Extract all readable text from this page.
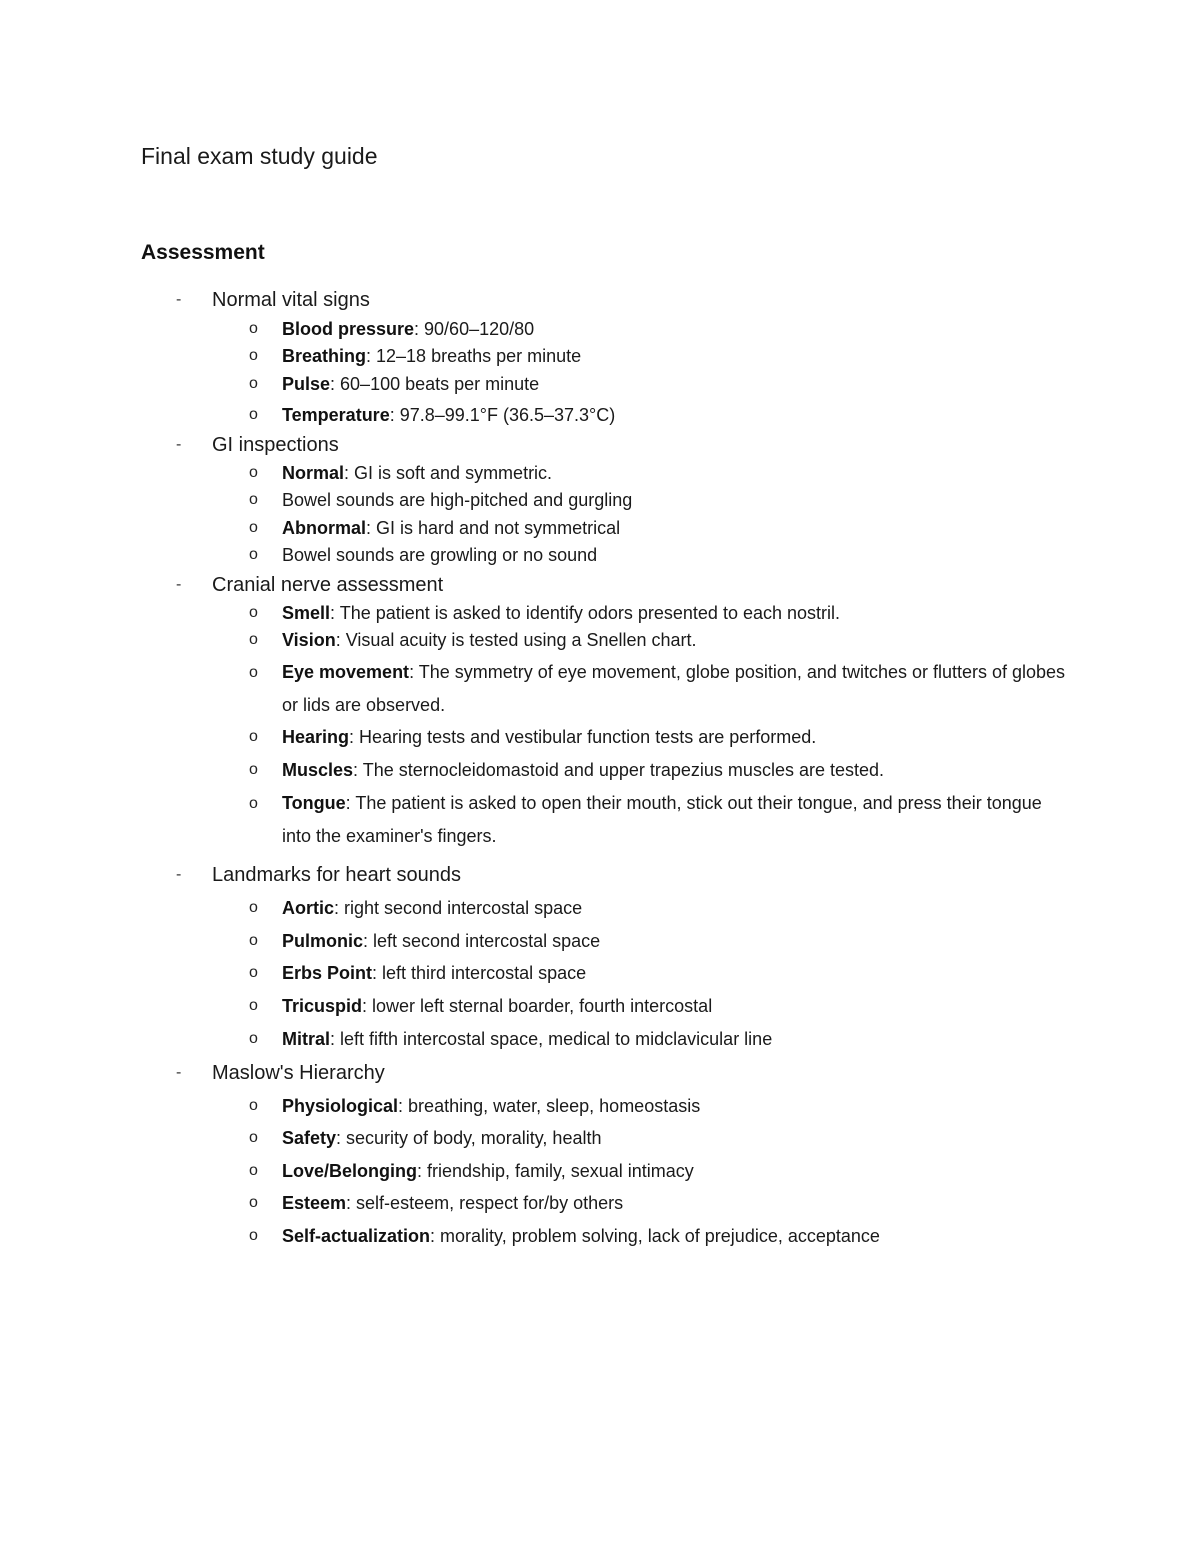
Final exam study guide
Assessment
- Normal vital signs
o Blood pressure: 90/60–120/80
o Breathing: 12–18 breaths per minute
o Pulse: 60–100 beats per minute
o Temperature: 97.8–99.1°F (36.5–37.3°C)
- GI inspections
o Normal: GI is soft and symmetric.
o Bowel sounds are high-pitched and gurgling
o Abnormal: GI is hard and not symmetrical
o Bowel sounds are growling or no sound
- Cranial nerve assessment
o Smell: The patient is asked to identify odors presented to each nostril.
o Vision: Visual acuity is tested using a Snellen chart.
o Eye movement: The symmetry of eye movement, globe position, and twitches or flutters of globes or lids are observed.
o Hearing: Hearing tests and vestibular function tests are performed.
o Muscles: The sternocleidomastoid and upper trapezius muscles are tested.
o Tongue: The patient is asked to open their mouth, stick out their tongue, and press their tongue into the examiner's fingers.
- Landmarks for heart sounds
o Aortic: right second intercostal space
o Pulmonic: left second intercostal space
o Erbs Point: left third intercostal space
o Tricuspid: lower left sternal boarder, fourth intercostal
o Mitral: left fifth intercostal space, medical to midclavicular line
- Maslow's Hierarchy
o Physiological: breathing, water, sleep, homeostasis
o Safety: security of body, morality, health
o Love/Belonging: friendship, family, sexual intimacy
o Esteem: self-esteem, respect for/by others
o Self-actualization: morality, problem solving, lack of prejudice, acceptance
